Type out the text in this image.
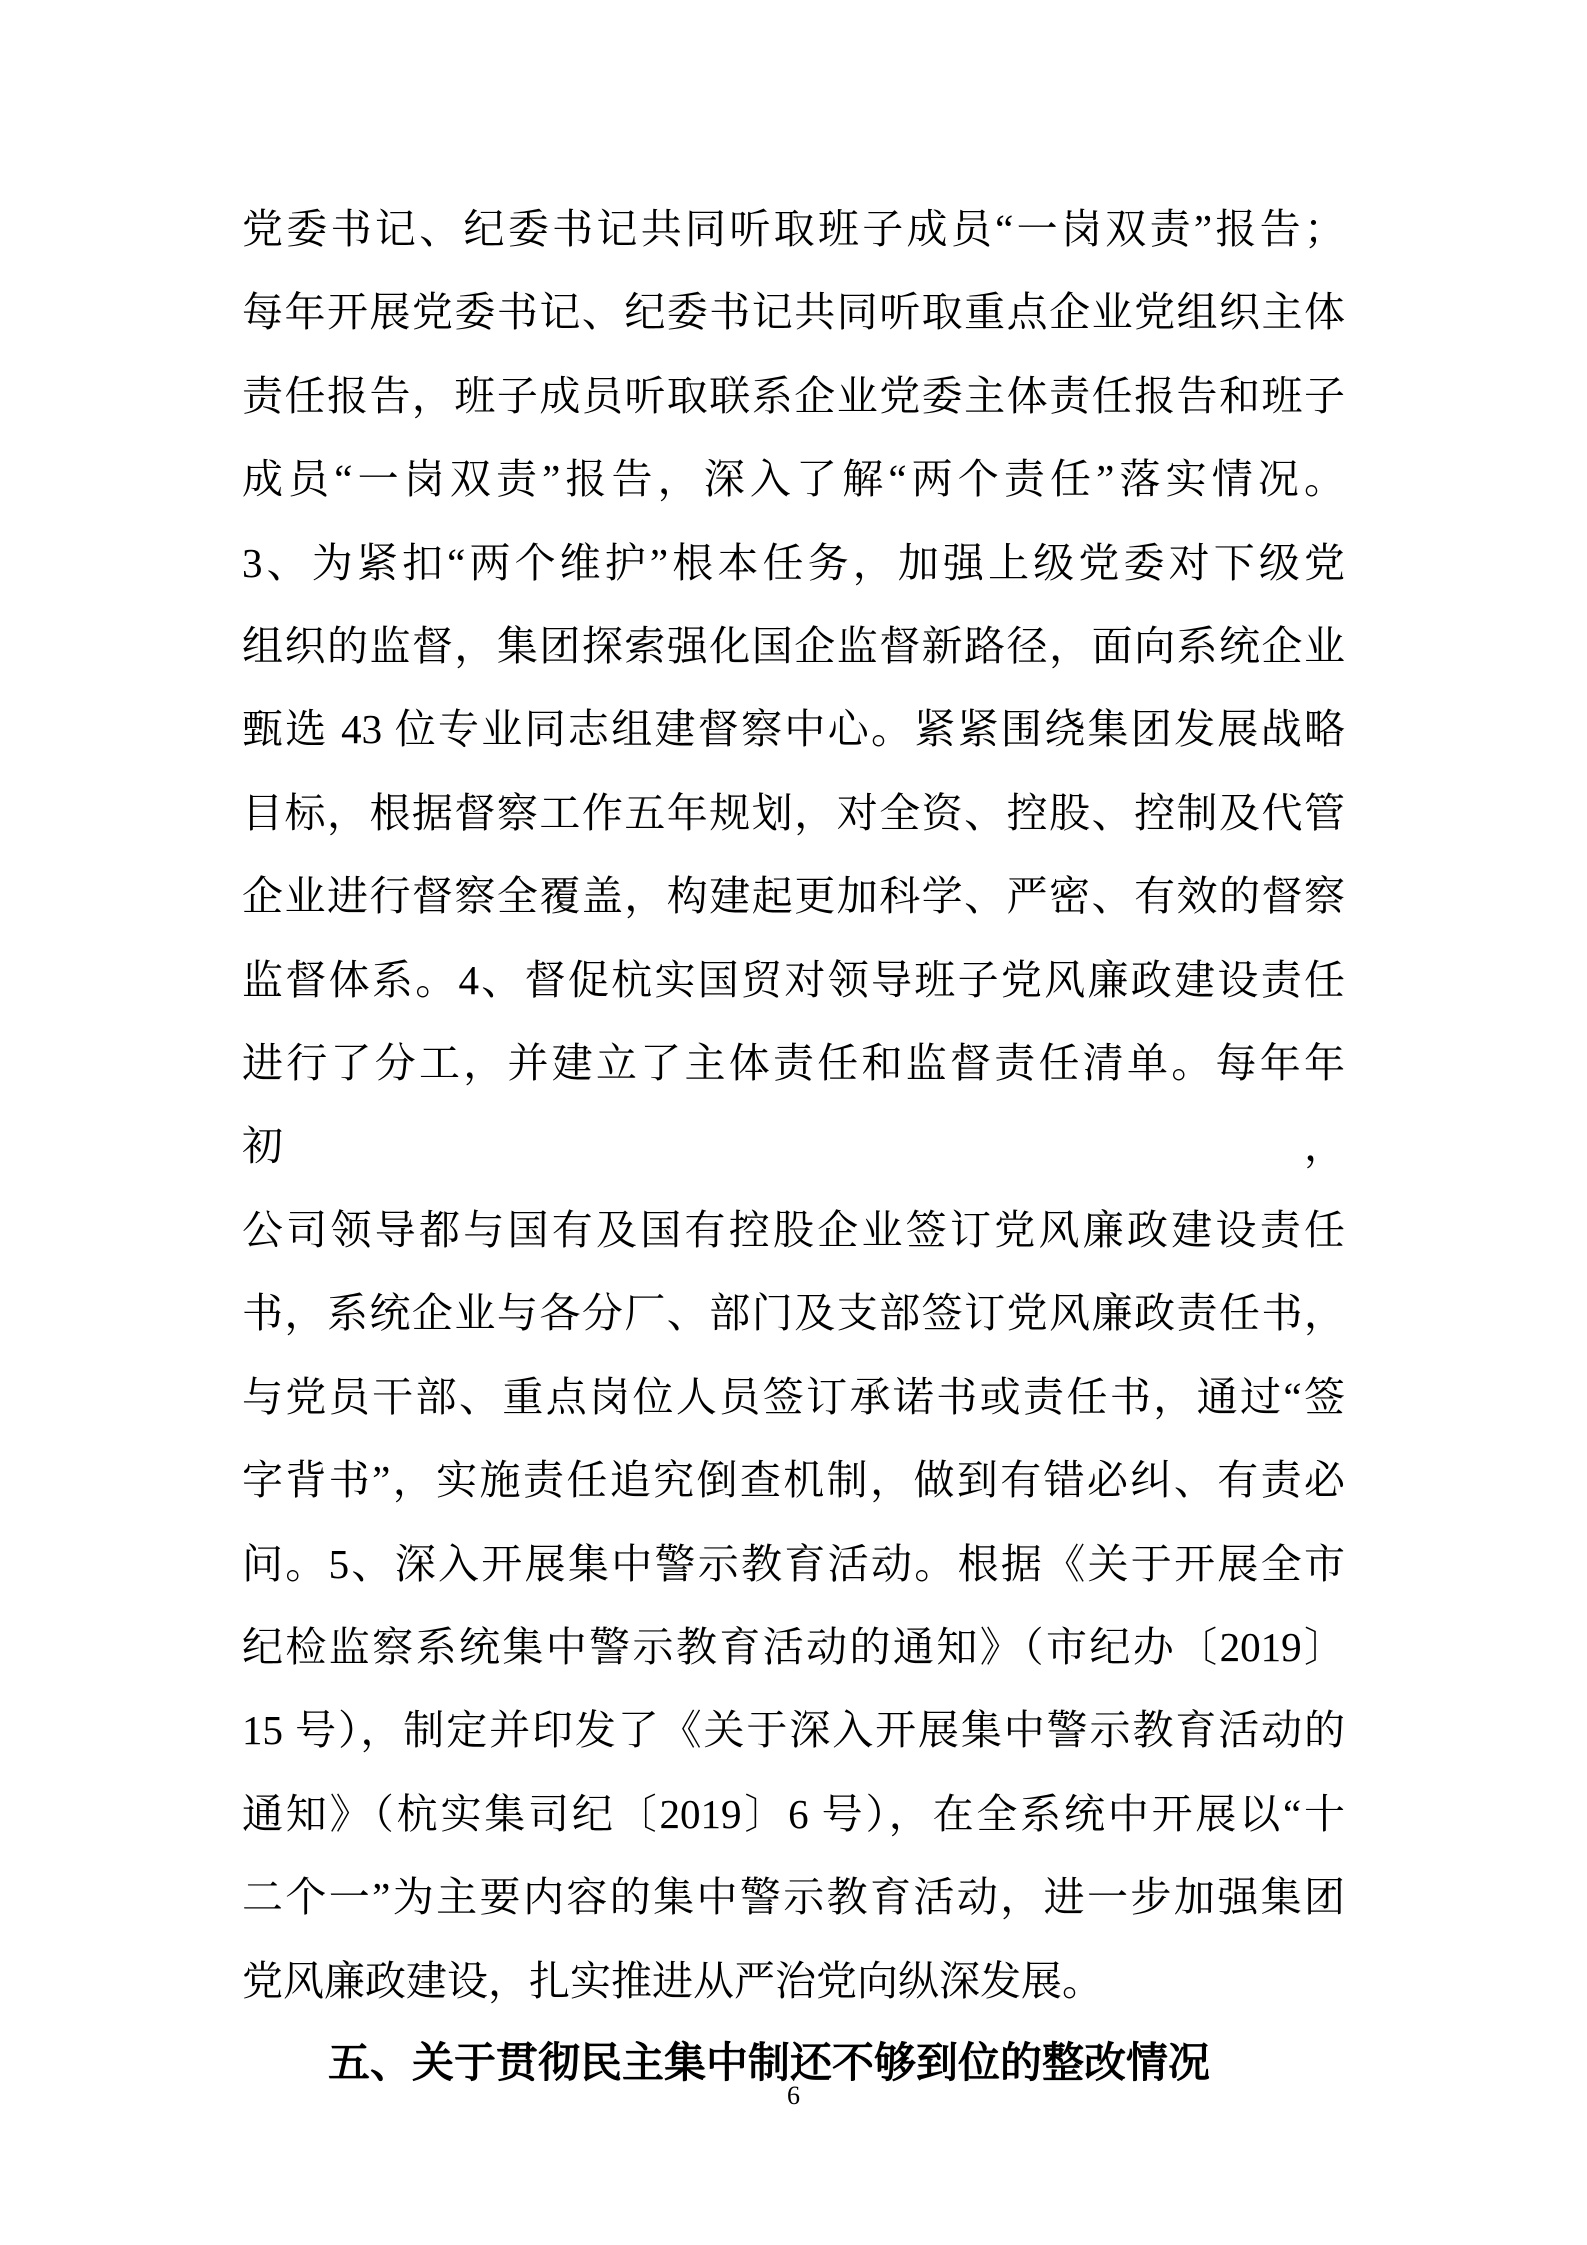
党委书记、纪委书记共同听取班子成员“一岗双责”报告；
每年开展党委书记、纪委书记共同听取重点企业党组织主体
责任报告，班子成员听取联系企业党委主体责任报告和班子
成员“一岗双责”报告，深入了解“两个责任”落实情况。
3、为紧扣“两个维护”根本任务，加强上级党委对下级党
组织的监督，集团探索强化国企监督新路径，面向系统企业
甄选 43 位专业同志组建督察中心。紧紧围绕集团发展战略
目标，根据督察工作五年规划，对全资、控股、控制及代管
企业进行督察全覆盖，构建起更加科学、严密、有效的督察
监督体系。4、督促杭实国贸对领导班子党风廉政建设责任
进行了分工，并建立了主体责任和监督责任清单。每年年初，
公司领导都与国有及国有控股企业签订党风廉政建设责任
书，系统企业与各分厂、部门及支部签订党风廉政责任书，
与党员干部、重点岗位人员签订承诺书或责任书，通过“签
字背书”，实施责任追究倒查机制，做到有错必纠、有责必
问。5、深入开展集中警示教育活动。根据《关于开展全市
纪检监察系统集中警示教育活动的通知》（市纪办〔2019〕
15 号），制定并印发了《关于深入开展集中警示教育活动的
通知》（杭实集司纪〔2019〕6 号），在全系统中开展以“十
二个一”为主要内容的集中警示教育活动，进一步加强集团
党风廉政建设，扎实推进从严治党向纵深发展。
五、关于贯彻民主集中制还不够到位的整改情况
6
